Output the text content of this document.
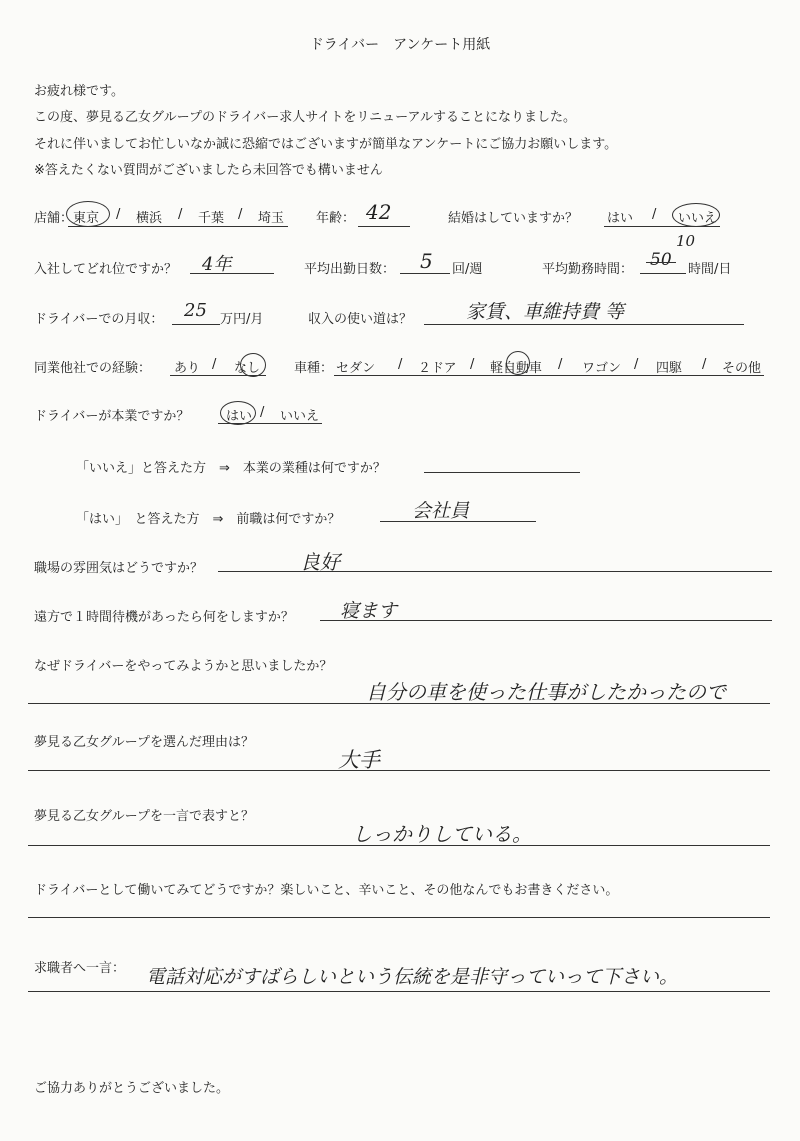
ドライバー　アンケート用紙
お疲れ様です。
この度、夢見る乙女グループのドライバー求人サイトをリニューアルすることになりました。
それに伴いましてお忙しいなか誠に恐縮ではございますが簡単なアンケートにご協力お願いします。
※答えたくない質問がございましたら未回答でも構いません
店舗： 東京 / 横浜 / 千葉 / 埼玉 年齢： 42	結婚はしていますか？ はい / いいえ
入社してどれ位ですか？ 4年	平均出勤日数： 5 回/週	平均勤務時間： 50
10
時間/日
ドライバーでの月収： 25 万円/月	収入の使い道は？	家賃、車維持費 等
同業他社での経験： あり / なし	車種： セダン / ２ドア / 軽自動車 / ワゴン / 四駆 / その他
ドライバーが本業ですか？	はい / いいえ
「いいえ」と答えた方　⇒　本業の業種は何ですか？
「はい」　と答えた方　⇒　前職は何ですか？	会社員
職場の雰囲気はどうですか？	良好
遠方で１時間待機があったら何をしますか？ 寝ます
なぜドライバーをやってみようかと思いましたか？
自分の車を使った仕事がしたかったので
夢見る乙女グループを選んだ理由は？
大手
夢見る乙女グループを一言で表すと？
しっかりしている。
ドライバーとして働いてみてどうですか？楽しいこと、辛いこと、その他なんでもお書きください。
求職者へ一言： 電話対応がすばらしいという伝統を是非守っていって下さい。
ご協力ありがとうございました。
